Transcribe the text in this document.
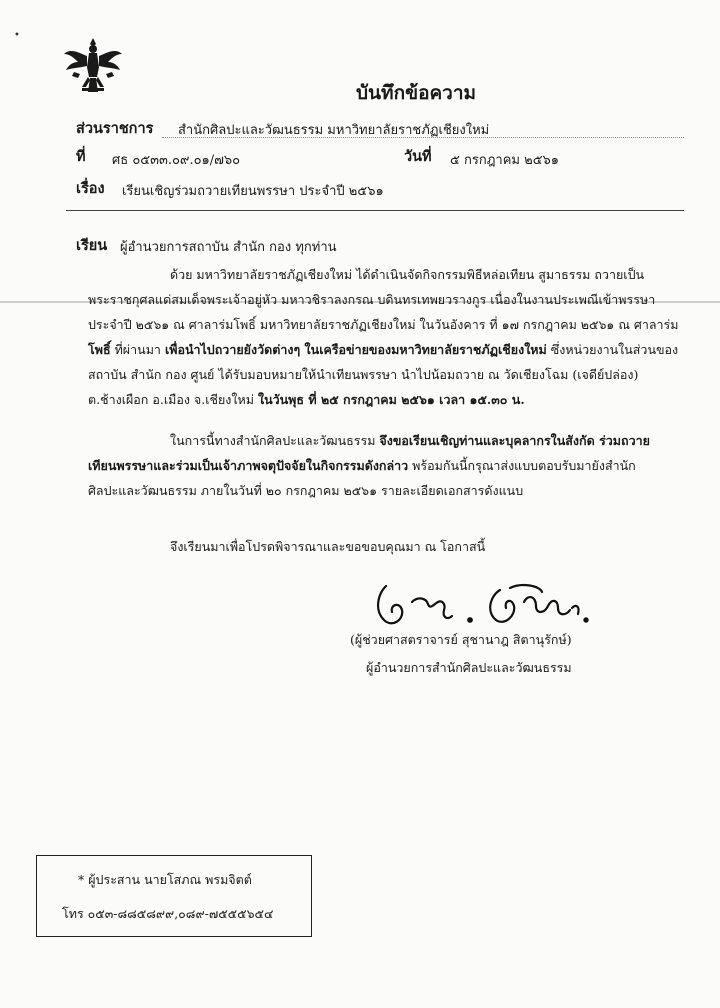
•
บันทึกข้อความ
ส่วนราชการ สำนักศิลปะและวัฒนธรรม มหาวิทยาลัยราชภัฏเชียงใหม่
ที่ ศธ ๐๕๓๓.๐๙.๐๑/๗๖๐	วันที่ ๕ กรกฎาคม ๒๕๖๑
เรื่อง เรียนเชิญร่วมถวายเทียนพรรษา ประจำปี ๒๕๖๑
เรียน ผู้อำนวยการสถาบัน สำนัก กอง ทุกท่าน
ด้วย มหาวิทยาลัยราชภัฏเชียงใหม่ ได้ดำเนินจัดกิจกรรมพิธีหล่อเทียน สูมาธรรม ถวายเป็น
พระราชกุศลแด่สมเด็จพระเจ้าอยู่หัว มหาวชิราลงกรณ บดินทรเทพยวรางกูร เนื่องในงานประเพณีเข้าพรรษา
ประจำปี ๒๕๖๑ ณ ศาลาร่มโพธิ์ มหาวิทยาลัยราชภัฏเชียงใหม่ ในวันอังคาร ที่ ๑๗ กรกฎาคม ๒๕๖๑ ณ ศาลาร่ม
โพธิ์ ที่ผ่านมา เพื่อนำไปถวายยังวัดต่างๆ ในเครือข่ายของมหาวิทยาลัยราชภัฏเชียงใหม่ ซึ่งหน่วยงานในส่วนของ
สถาบัน สำนัก กอง ศูนย์ ได้รับมอบหมายให้นำเทียนพรรษา นำไปน้อมถวาย ณ วัดเชียงโฉม (เจดีย์ปล่อง)
ต.ช้างเผือก อ.เมือง จ.เชียงใหม่ ในวันพุธ ที่ ๒๕ กรกฎาคม ๒๕๖๑ เวลา ๑๕.๓๐ น.
ในการนี้ทางสำนักศิลปะและวัฒนธรรม จึงขอเรียนเชิญท่านและบุคลากรในสังกัด ร่วมถวาย
เทียนพรรษาและร่วมเป็นเจ้าภาพจตุปัจจัยในกิจกรรมดังกล่าว พร้อมกันนี้กรุณาส่งแบบตอบรับมายังสำนัก
ศิลปะและวัฒนธรรม ภายในวันที่ ๒๐ กรกฎาคม ๒๕๖๑ รายละเอียดเอกสารดังแนบ
จึงเรียนมาเพื่อโปรดพิจารณาและขอขอบคุณมา ณ โอกาสนี้
(ผู้ช่วยศาสตราจารย์ สุชานาฎ สิตานุรักษ์)
ผู้อำนวยการสำนักศิลปะและวัฒนธรรม
* ผู้ประสาน นายโสภณ พรมจิตต์
โทร ๐๕๓-๘๘๕๘๙๙,๐๘๙-๗๕๕๕๖๕๔
